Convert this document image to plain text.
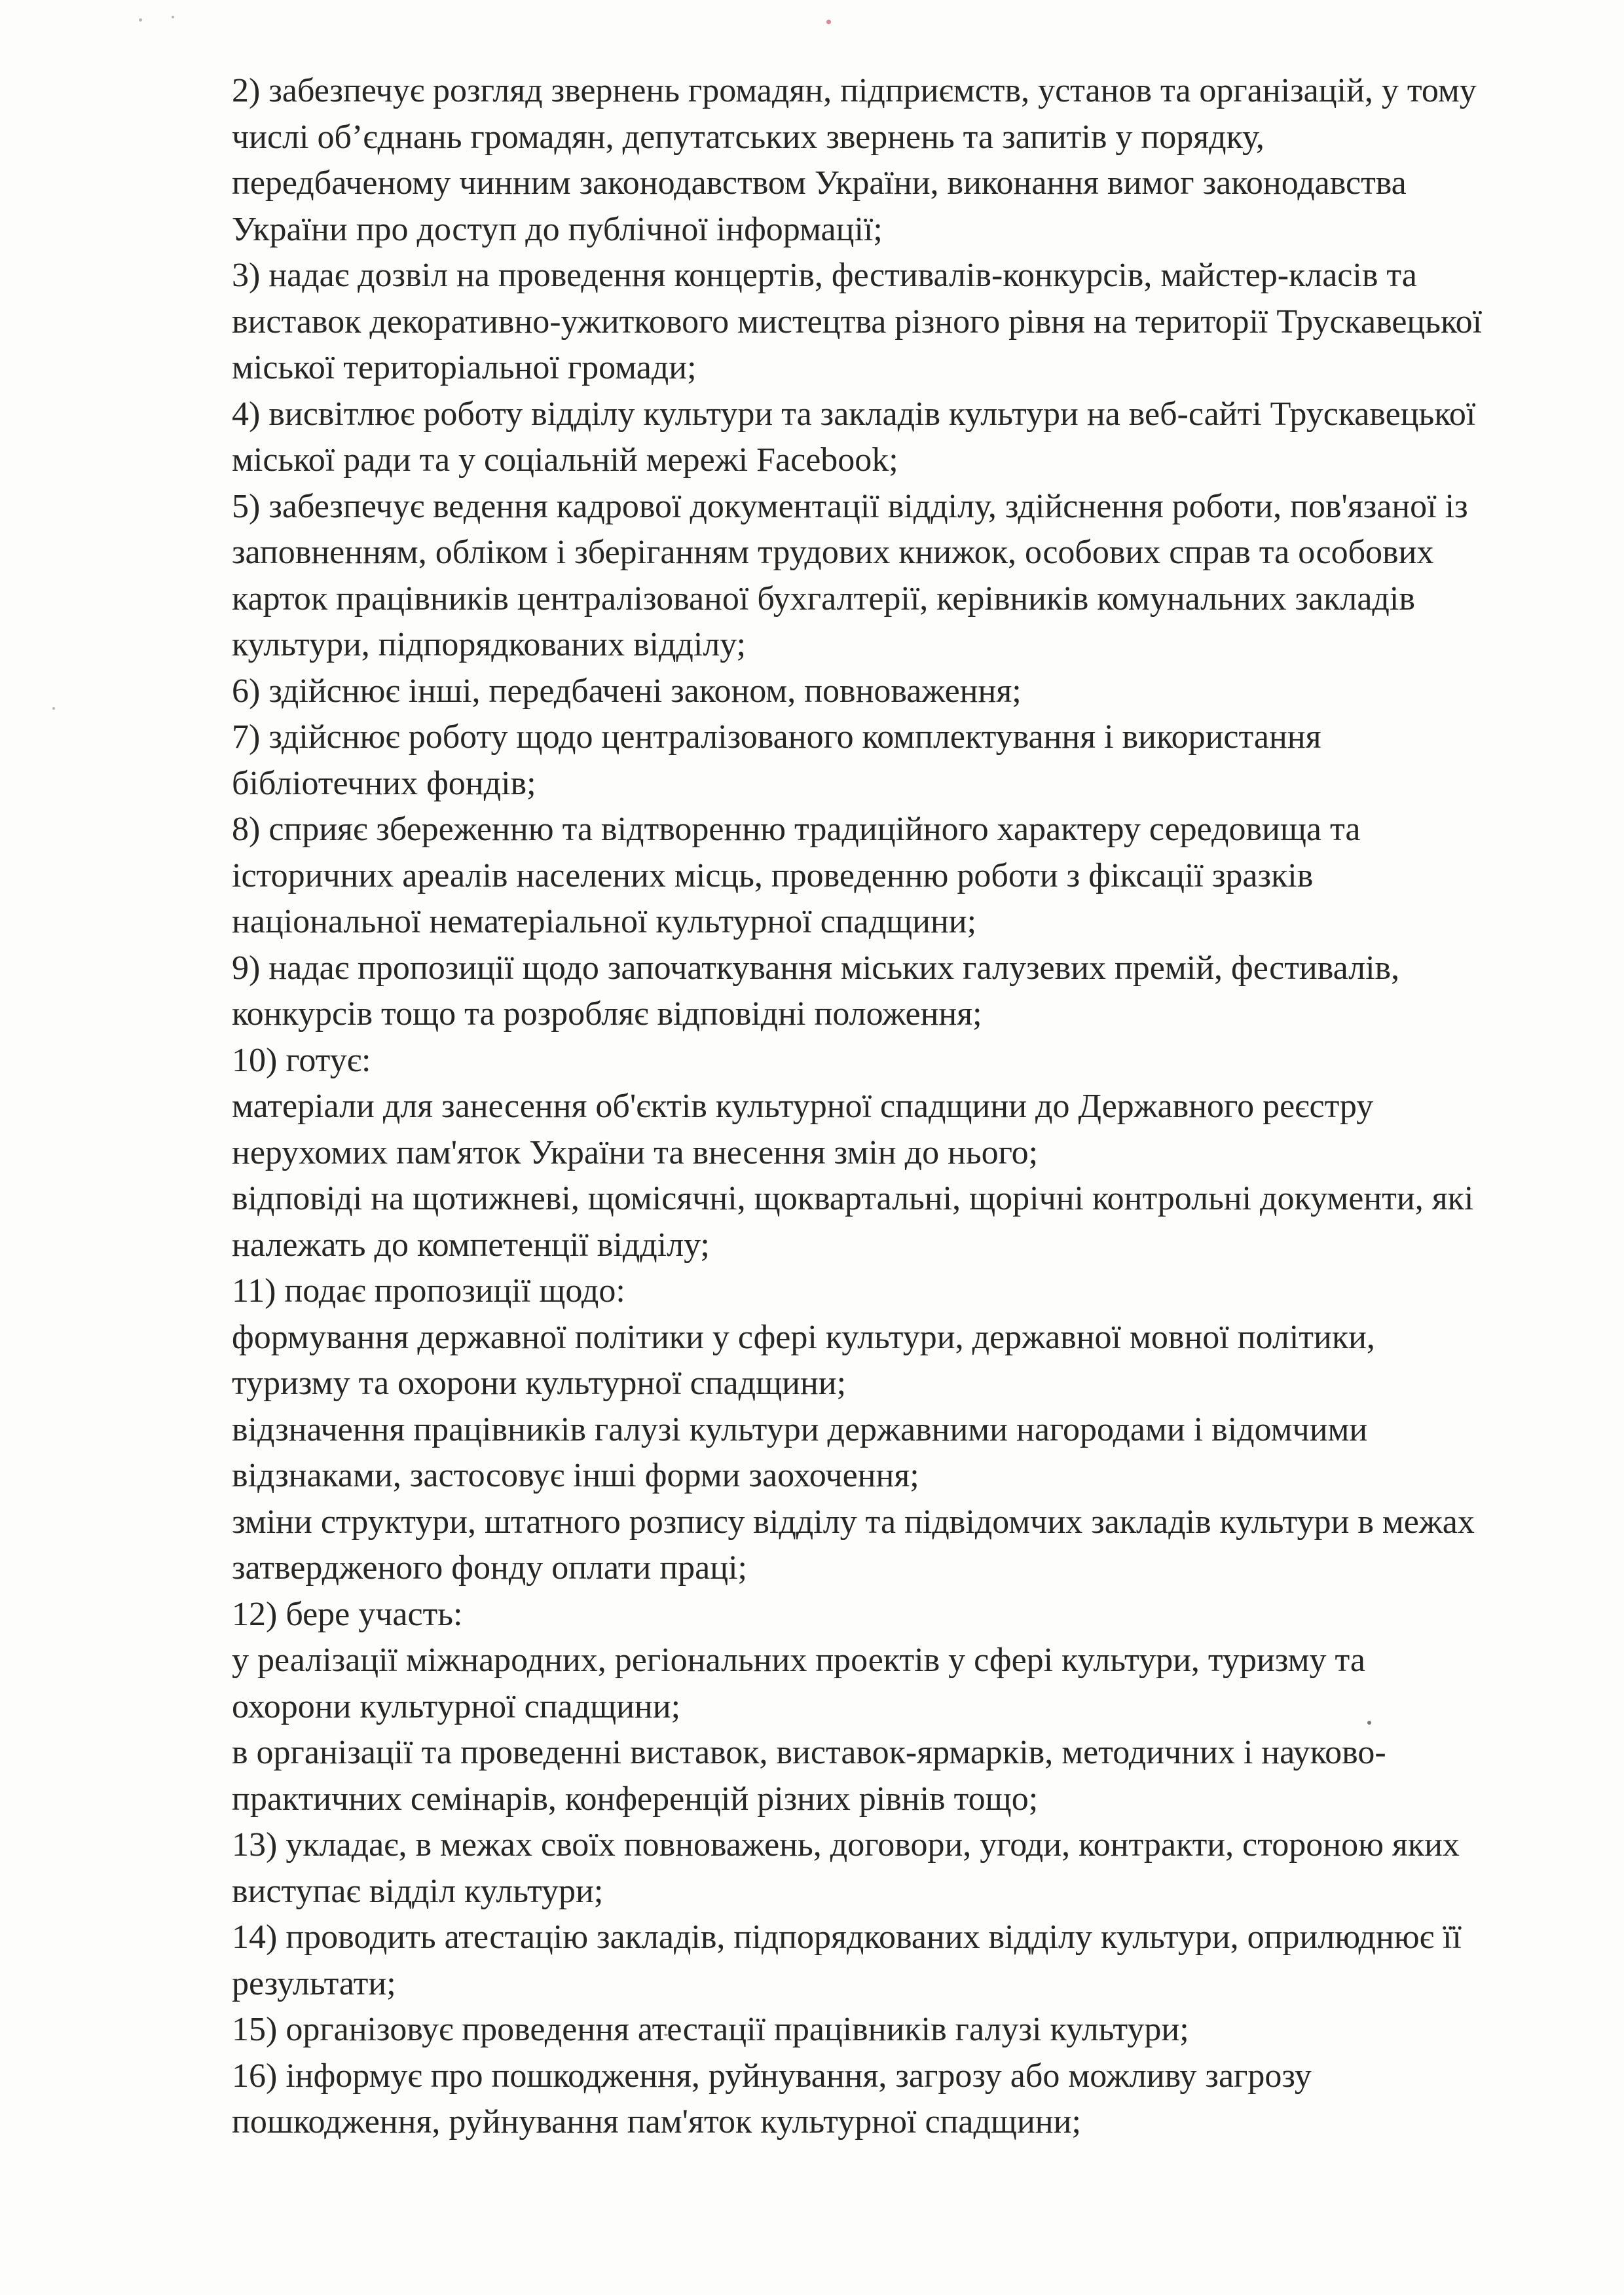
2) забезпечує розгляд звернень громадян, підприємств, установ та організацій, у тому
числі об’єднань громадян, депутатських звернень та запитів у порядку,
передбаченому чинним законодавством України, виконання вимог законодавства
України про доступ до публічної інформації;
3) надає дозвіл на проведення концертів, фестивалів-конкурсів, майстер-класів та
виставок декоративно-ужиткового мистецтва різного рівня на території Трускавецької
міської територіальної громади;
4) висвітлює роботу відділу культури та закладів культури на веб-сайті Трускавецької
міської ради та у соціальній мережі Facebook;
5) забезпечує ведення кадрової документації відділу, здійснення роботи, пов'язаної із
заповненням, обліком і зберіганням трудових книжок, особових справ та особових
карток працівників централізованої бухгалтерії, керівників комунальних закладів
культури, підпорядкованих відділу;
6) здійснює інші, передбачені законом, повноваження;
7) здійснює роботу щодо централізованого комплектування і використання
бібліотечних фондів;
8) сприяє збереженню та відтворенню традиційного характеру середовища та
історичних ареалів населених місць, проведенню роботи з фіксації зразків
національної нематеріальної культурної спадщини;
9) надає пропозиції щодо започаткування міських галузевих премій, фестивалів,
конкурсів тощо та розробляє відповідні положення;
10) готує:
матеріали для занесення об'єктів культурної спадщини до Державного реєстру
нерухомих пам'яток України та внесення змін до нього;
відповіді на щотижневі, щомісячні, щоквартальні, щорічні контрольні документи, які
належать до компетенції відділу;
11) подає пропозиції щодо:
формування державної політики у сфері культури, державної мовної політики,
туризму та охорони культурної спадщини;
відзначення працівників галузі культури державними нагородами і відомчими
відзнаками, застосовує інші форми заохочення;
зміни структури, штатного розпису відділу та підвідомчих закладів культури в межах
затвердженого фонду оплати праці;
12) бере участь:
у реалізації міжнародних, регіональних проектів у сфері культури, туризму та
охорони культурної спадщини;
в організації та проведенні виставок, виставок-ярмарків, методичних і науково-
практичних семінарів, конференцій різних рівнів тощо;
13) укладає, в межах своїх повноважень, договори, угоди, контракти, стороною яких
виступає відділ культури;
14) проводить атестацію закладів, підпорядкованих відділу культури, оприлюднює її
результати;
15) організовує проведення атестації працівників галузі культури;
16) інформує про пошкодження, руйнування, загрозу або можливу загрозу
пошкодження, руйнування пам'яток культурної спадщини;
